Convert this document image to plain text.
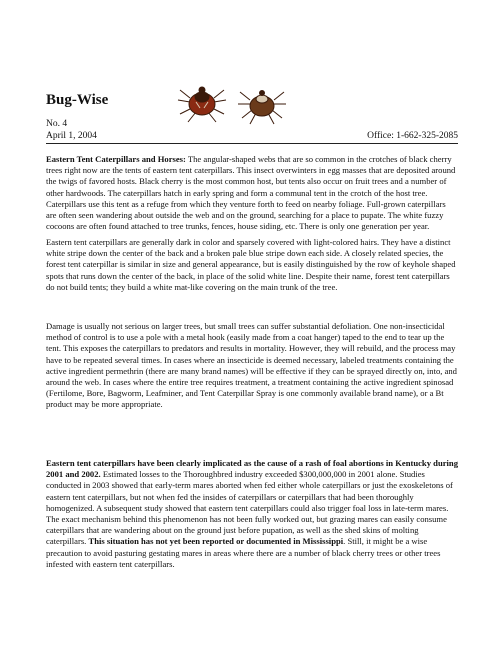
Bug-Wise
No. 4
April 1, 2004	Office: 1-662-325-2085

Eastern Tent Caterpillars and Horses: The angular-shaped webs that are so common in the crotches of black cherry trees right now are the tents of eastern tent caterpillars. This insect overwinters in egg masses that are deposited around the twigs of favored hosts. Black cherry is the most common host, but tents also occur on fruit trees and a number of other hardwoods. The caterpillars hatch in early spring and form a communal tent in the crotch of the host tree. Caterpillars use this tent as a refuge from which they venture forth to feed on nearby foliage. Full-grown caterpillars are often seen wandering about outside the web and on the ground, searching for a place to pupate. The white fuzzy cocoons are often found attached to tree trunks, fences, house siding, etc. There is only one generation per year.

Eastern tent caterpillars are generally dark in color and sparsely covered with light-colored hairs. They have a distinct white stripe down the center of the back and a broken pale blue stripe down each side. A closely related species, the forest tent caterpillar is similar in size and general appearance, but is easily distinguished by the row of keyhole shaped spots that runs down the center of the back, in place of the solid white line. Despite their name, forest tent caterpillars do not build tents; they build a white mat-like covering on the main trunk of the tree.

Damage is usually not serious on larger trees, but small trees can suffer substantial defoliation. One non-insecticidal method of control is to use a pole with a metal hook (easily made from a coat hanger) taped to the end to tear up the tent. This exposes the caterpillars to predators and results in mortality. However, they will rebuild, and the process may have to be repeated several times. In cases where an insecticide is deemed necessary, labeled treatments containing the active ingredient permethrin (there are many brand names) will be effective if they can be sprayed directly on, into, and around the web. In cases where the entire tree requires treatment, a treatment containing the active ingredient spinosad (Fertilome, Bore, Bagworm, Leafminer, and Tent Caterpillar Spray is one commonly available brand name), or a Bt product may be more appropriate.

Eastern tent caterpillars have been clearly implicated as the cause of a rash of foal abortions in Kentucky during 2001 and 2002. Estimated losses to the Thoroughbred industry exceeded $300,000,000 in 2001 alone. Studies conducted in 2003 showed that early-term mares aborted when fed either whole caterpillars or just the exoskeletons of eastern tent caterpillars, but not when fed the insides of caterpillars or caterpillars that had been thoroughly homogenized. A subsequent study showed that eastern tent caterpillars could also trigger foal loss in late-term mares. The exact mechanism behind this phenomenon has not been fully worked out, but grazing mares can easily consume caterpillars that are wandering about on the ground just before pupation, as well as the shed skins of molting caterpillars. This situation has not yet been reported or documented in Mississippi. Still, it might be a wise precaution to avoid pasturing gestating mares in areas where there are a number of black cherry trees or other trees infested with eastern tent caterpillars.
